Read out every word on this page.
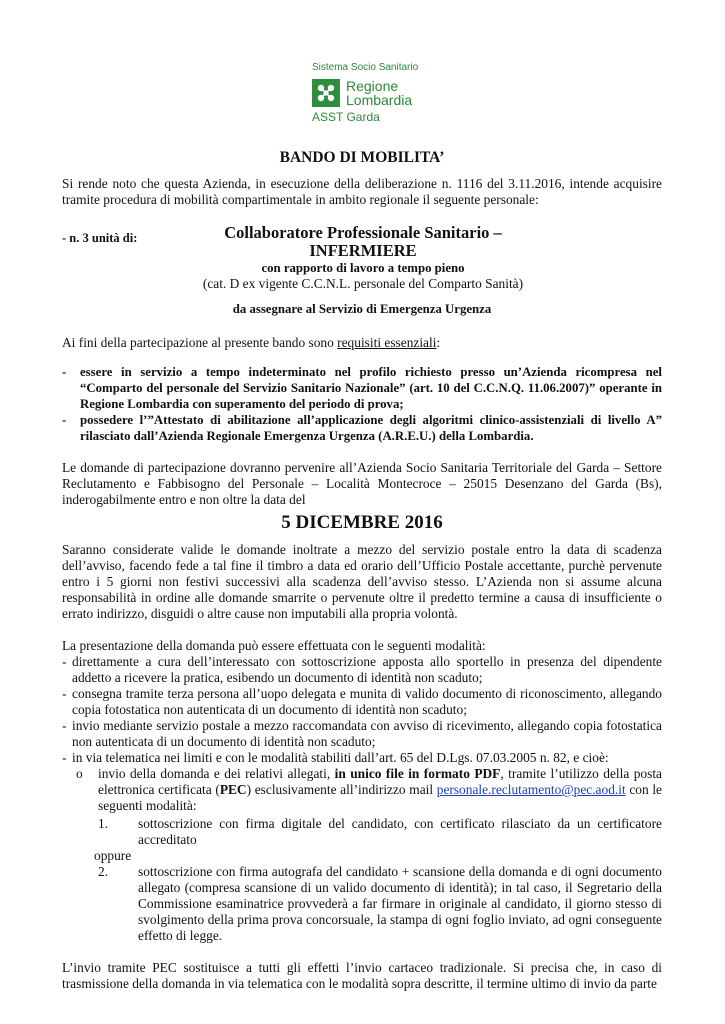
Sistema Socio Sanitario
Regione
Lombardia
ASST Garda

BANDO DI MOBILITA’

Si rende noto che questa Azienda, in esecuzione della deliberazione n. 1116 del 3.11.2016, intende acquisire tramite procedura di mobilità compartimentale in ambito regionale il seguente personale:

- n. 3 unità di:	Collaboratore Professionale Sanitario – INFERMIERE
con rapporto di lavoro a tempo pieno
(cat. D ex vigente C.C.N.L. personale del Comparto Sanità)

da assegnare al Servizio di Emergenza Urgenza

Ai fini della partecipazione al presente bando sono requisiti essenziali:

- essere in servizio a tempo indeterminato nel profilo richiesto presso un’Azienda ricompresa nel “Comparto del personale del Servizio Sanitario Nazionale” (art. 10 del C.C.N.Q. 11.06.2007)” operante in Regione Lombardia con superamento del periodo di prova;
- possedere l’”Attestato di abilitazione all’applicazione degli algoritmi clinico-assistenziali di livello A” rilasciato dall’Azienda Regionale Emergenza Urgenza (A.R.E.U.) della Lombardia.

Le domande di partecipazione dovranno pervenire all’Azienda Socio Sanitaria Territoriale del Garda – Settore Reclutamento e Fabbisogno del Personale – Località Montecroce – 25015 Desenzano del Garda (Bs), inderogabilmente entro e non oltre la data del

5 DICEMBRE 2016

Saranno considerate valide le domande inoltrate a mezzo del servizio postale entro la data di scadenza dell’avviso, facendo fede a tal fine il timbro a data ed orario dell’Ufficio Postale accettante, purchè pervenute entro i 5 giorni non festivi successivi alla scadenza dell’avviso stesso. L’Azienda non si assume alcuna responsabilità in ordine alle domande smarrite o pervenute oltre il predetto termine a causa di insufficiente o errato indirizzo, disguidi o altre cause non imputabili alla propria volontà.

La presentazione della domanda può essere effettuata con le seguenti modalità:

- direttamente a cura dell’interessato con sottoscrizione apposta allo sportello in presenza del dipendente addetto a ricevere la pratica, esibendo un documento di identità non scaduto;
- consegna tramite terza persona all’uopo delegata e munita di valido documento di riconoscimento, allegando copia fotostatica non autenticata di un documento di identità non scaduto;
- invio mediante servizio postale a mezzo raccomandata con avviso di ricevimento, allegando copia fotostatica non autenticata di un documento di identità non scaduto;
- in via telematica nei limiti e con le modalità stabiliti dall’art. 65 del D.Lgs. 07.03.2005 n. 82, e cioè:
o invio della domanda e dei relativi allegati, in unico file in formato PDF, tramite l’utilizzo della posta elettronica certificata (PEC) esclusivamente all’indirizzo mail personale.reclutamento@pec.aod.it con le seguenti modalità:
1. sottoscrizione con firma digitale del candidato, con certificato rilasciato da un certificatore accreditato

oppure

2. sottoscrizione con firma autografa del candidato + scansione della domanda e di ogni documento allegato (compresa scansione di un valido documento di identità); in tal caso, il Segretario della Commissione esaminatrice provvederà a far firmare in originale al candidato, il giorno stesso di svolgimento della prima prova concorsuale, la stampa di ogni foglio inviato, ad ogni conseguente effetto di legge.

L’invio tramite PEC sostituisce a tutti gli effetti l’invio cartaceo tradizionale. Si precisa che, in caso di trasmissione della domanda in via telematica con le modalità sopra descritte, il termine ultimo di invio da parte
